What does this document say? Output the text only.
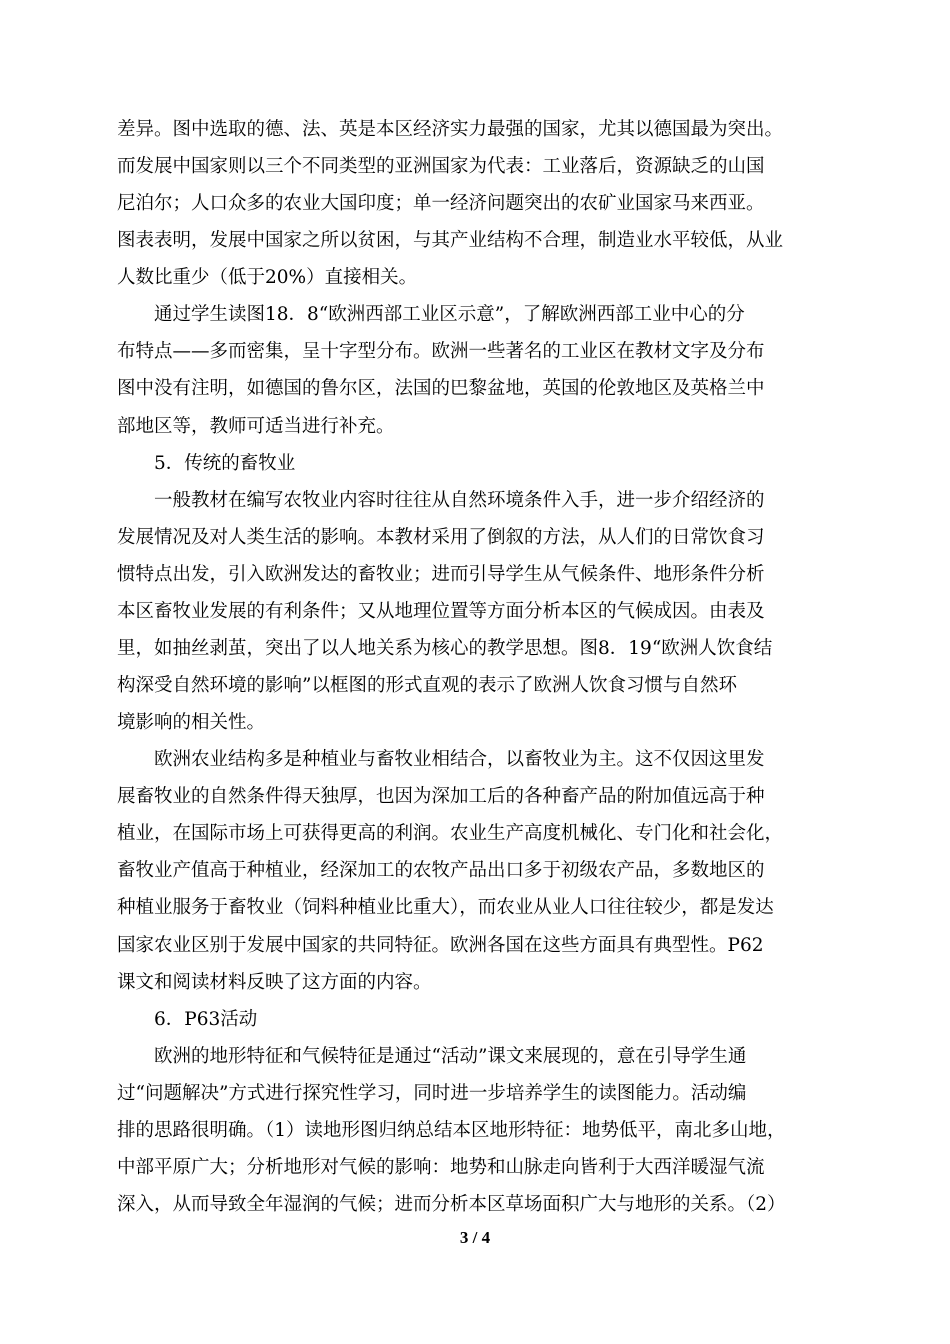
差异。图中选取的德、法、英是本区经济实力最强的国家，尤其以德国最为突出。
而发展中国家则以三个不同类型的亚洲国家为代表：工业落后，资源缺乏的山国
尼泊尔；人口众多的农业大国印度；单一经济问题突出的农矿业国家马来西亚。
图表表明，发展中国家之所以贫困，与其产业结构不合理，制造业水平较低，从业
人数比重少（低于20%）直接相关。
通过学生读图18．8“欧洲西部工业区示意”，了解欧洲西部工业中心的分
布特点——多而密集，呈十字型分布。欧洲一些著名的工业区在教材文字及分布
图中没有注明，如德国的鲁尔区，法国的巴黎盆地，英国的伦敦地区及英格兰中
部地区等，教师可适当进行补充。
5．传统的畜牧业
一般教材在编写农牧业内容时往往从自然环境条件入手，进一步介绍经济的
发展情况及对人类生活的影响。本教材采用了倒叙的方法，从人们的日常饮食习
惯特点出发，引入欧洲发达的畜牧业；进而引导学生从气候条件、地形条件分析
本区畜牧业发展的有利条件；又从地理位置等方面分析本区的气候成因。由表及
里，如抽丝剥茧，突出了以人地关系为核心的教学思想。图8．19“欧洲人饮食结
构深受自然环境的影响”以框图的形式直观的表示了欧洲人饮食习惯与自然环
境影响的相关性。
欧洲农业结构多是种植业与畜牧业相结合，以畜牧业为主。这不仅因这里发
展畜牧业的自然条件得天独厚，也因为深加工后的各种畜产品的附加值远高于种
植业，在国际市场上可获得更高的利润。农业生产高度机械化、专门化和社会化，
畜牧业产值高于种植业，经深加工的农牧产品出口多于初级农产品，多数地区的
种植业服务于畜牧业（饲料种植业比重大），而农业从业人口往往较少，都是发达
国家农业区别于发展中国家的共同特征。欧洲各国在这些方面具有典型性。P62
课文和阅读材料反映了这方面的内容。
6．P63活动
欧洲的地形特征和气候特征是通过“活动”课文来展现的，意在引导学生通
过“问题解决”方式进行探究性学习，同时进一步培养学生的读图能力。活动编
排的思路很明确。（1）读地形图归纳总结本区地形特征：地势低平，南北多山地，
中部平原广大；分析地形对气候的影响：地势和山脉走向皆利于大西洋暖湿气流
深入，从而导致全年湿润的气候；进而分析本区草场面积广大与地形的关系。（2）
3 / 4
